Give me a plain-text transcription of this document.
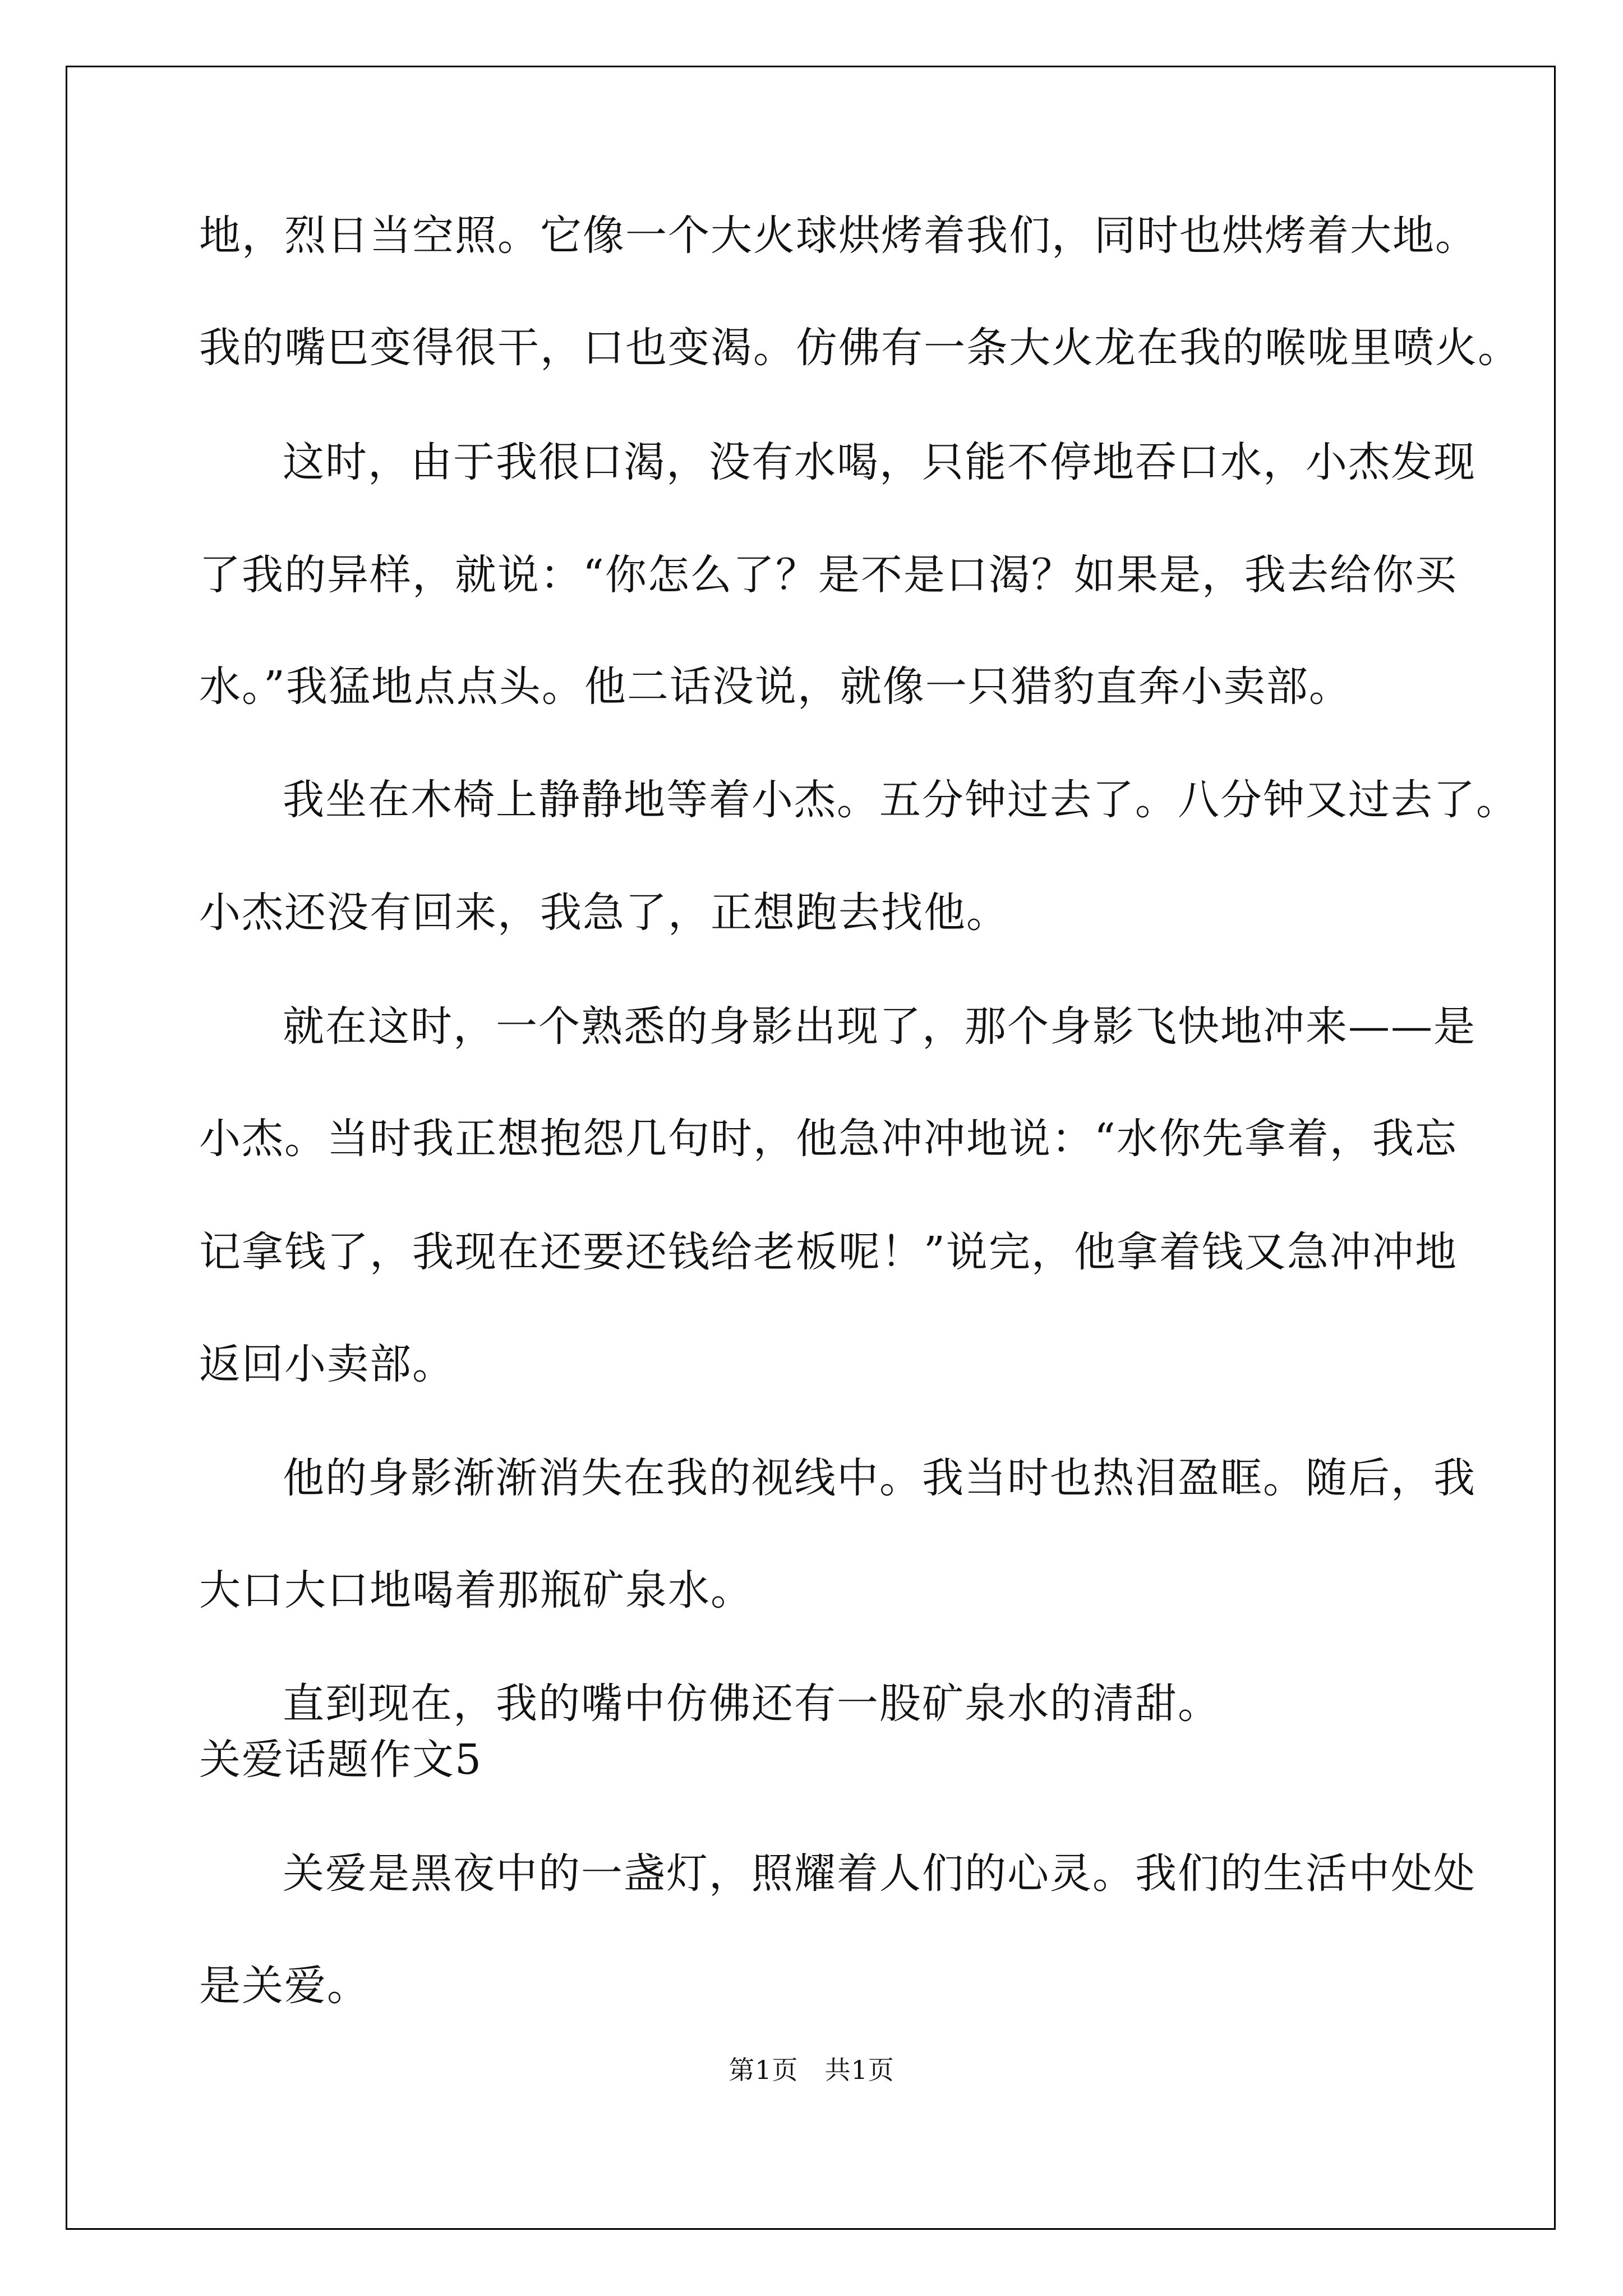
地，烈日当空照。它像一个大火球烘烤着我们，同时也烘烤着大地。
我的嘴巴变得很干，口也变渴。仿佛有一条大火龙在我的喉咙里喷火。
这时，由于我很口渴，没有水喝，只能不停地吞口水，小杰发现
了我的异样，就说：“你怎么了？是不是口渴？如果是，我去给你买
水。”我猛地点点头。他二话没说，就像一只猎豹直奔小卖部。
我坐在木椅上静静地等着小杰。五分钟过去了。八分钟又过去了。
小杰还没有回来，我急了，正想跑去找他。
就在这时，一个熟悉的身影出现了，那个身影飞快地冲来——是
小杰。当时我正想抱怨几句时，他急冲冲地说：“水你先拿着，我忘
记拿钱了，我现在还要还钱给老板呢！”说完，他拿着钱又急冲冲地
返回小卖部。
他的身影渐渐消失在我的视线中。我当时也热泪盈眶。随后，我
大口大口地喝着那瓶矿泉水。
直到现在，我的嘴中仿佛还有一股矿泉水的清甜。
关爱话题作文5
关爱是黑夜中的一盏灯，照耀着人们的心灵。我们的生活中处处
是关爱。
第1页　共1页
